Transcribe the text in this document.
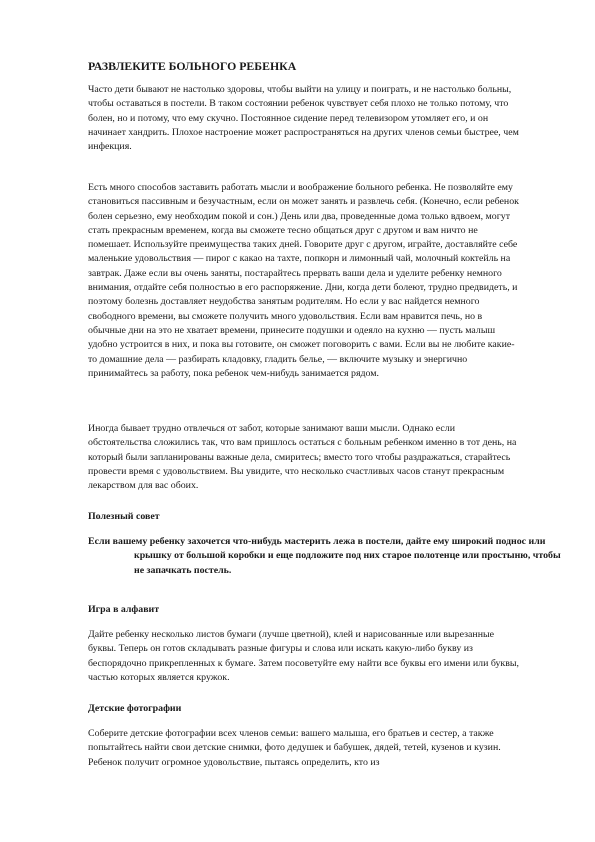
РАЗВЛЕКИТЕ БОЛЬНОГО РЕБЕНКА

Часто дети бывают не настолько здоровы, чтобы выйти на улицу и поиграть, и не настолько больны, чтобы оставаться в постели. В таком состоянии ребенок чувствует себя плохо не только потому, что болен, но и потому, что ему скучно. Постоянное сидение перед телевизором утомляет его, и он начинает хандрить. Плохое настроение может распространяться на других членов семьи быстрее, чем инфекция.

Есть много способов заставить работать мысли и воображение больного ребенка. Не позволяйте ему становиться пассивным и безучастным, если он может занять и развлечь себя. (Конечно, если ребенок болен серьезно, ему необходим покой и сон.) День или два, проведенные дома только вдвоем, могут стать прекрасным временем, когда вы сможете тесно общаться друг с другом и вам ничто не помешает. Используйте преимущества таких дней. Говорите друг с другом, играйте, доставляйте себе маленькие удовольствия — пирог с какао на тахте, попкорн и лимонный чай, молочный коктейль на завтрак. Даже если вы очень заняты, постарайтесь прервать ваши дела и уделите ребенку немного внимания, отдайте себя полностью в его распоряжение. Дни, когда дети болеют, трудно предвидеть, и поэтому болезнь доставляет неудобства занятым родителям. Но если у вас найдется немного свободного времени, вы сможете получить много удовольствия. Если вам нравится печь, но в обычные дни на это не хватает времени, принесите подушки и одеяло на кухню — пусть малыш удобно устроится в них, и пока вы готовите, он сможет поговорить с вами. Если вы не любите какие-то домашние дела — разбирать кладовку, гладить белье, — включите музыку и энергично принимайтесь за работу, пока ребенок чем-нибудь занимается рядом.

Иногда бывает трудно отвлечься от забот, которые занимают ваши мысли. Однако если обстоятельства сложились так, что вам пришлось остаться с больным ребенком именно в тот день, на который были запланированы важные дела, смиритесь; вместо того чтобы раздражаться, старайтесь провести время с удовольствием. Вы увидите, что несколько счастливых часов станут прекрасным лекарством для вас обоих.

Полезный совет

Если вашему ребенку захочется что-нибудь мастерить лежа в постели, дайте ему широкий поднос или крышку от большой коробки и еще подложите под них старое полотенце или простыню, чтобы не запачкать постель.

Игра в алфавит

Дайте ребенку несколько листов бумаги (лучше цветной), клей и нарисованные или вырезанные буквы. Теперь он готов складывать разные фигуры и слова или искать какую-либо букву из беспорядочно прикрепленных к бумаге. Затем посоветуйте ему найти все буквы его имени или буквы, частью которых является кружок.

Детские фотографии

Соберите детские фотографии всех членов семьи: вашего малыша, его братьев и сестер, а также попытайтесь найти свои детские снимки, фото дедушек и бабушек, дядей, тетей, кузенов и кузин. Ребенок получит огромное удовольствие, пытаясь определить, кто из
